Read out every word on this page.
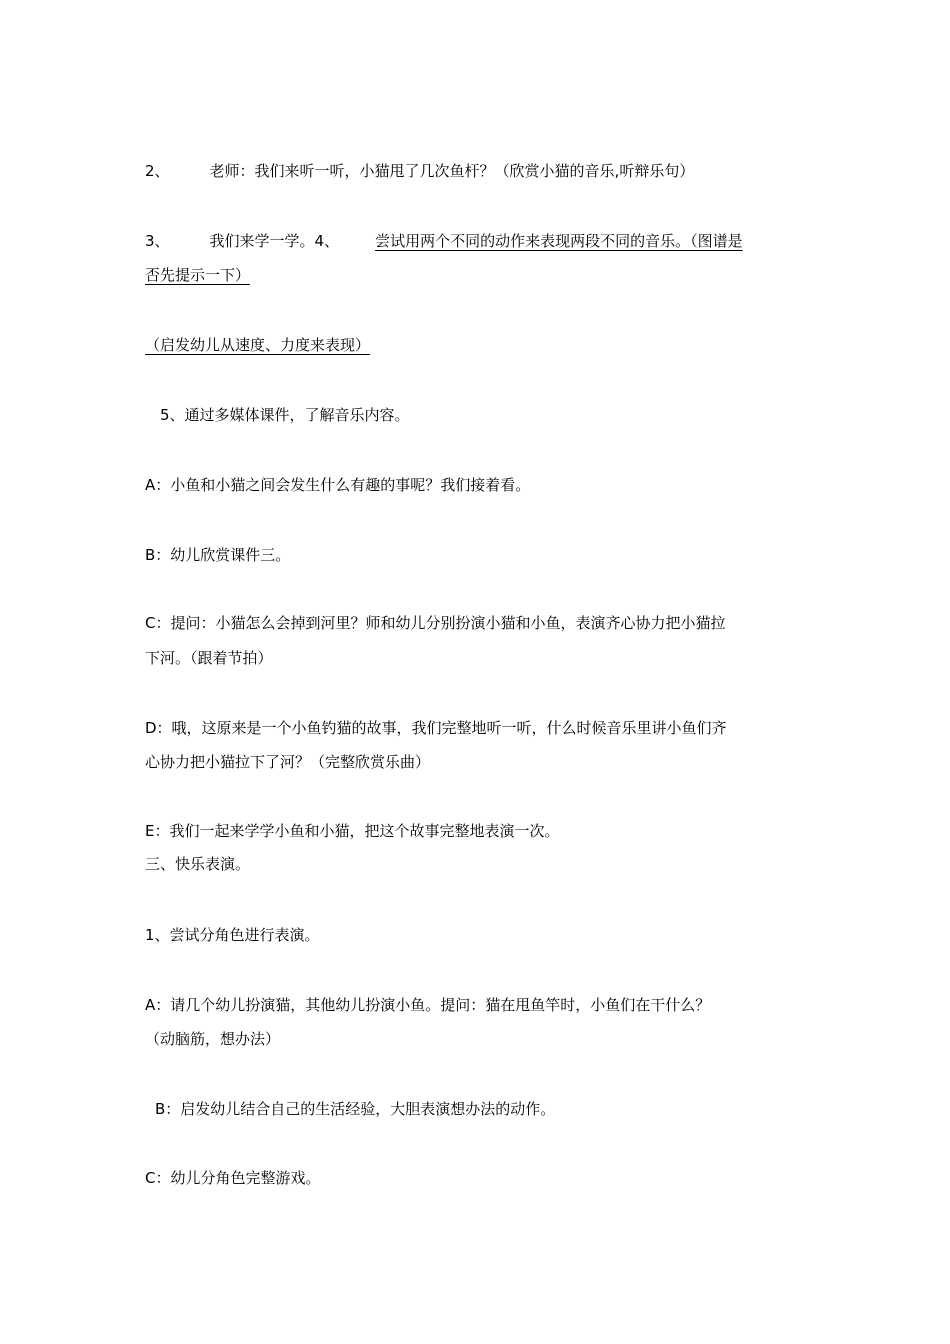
2、	老师：我们来听一听，小猫甩了几次鱼杆？（欣赏小猫的音乐,听辩乐句）
3、	我们来学一学。4、 尝试用两个不同的动作来表现两段不同的音乐。（图谱是
否先提示一下）
（启发幼儿从速度、力度来表现）
5、通过多媒体课件，了解音乐内容。
A：小鱼和小猫之间会发生什么有趣的事呢？我们接着看。
B：幼儿欣赏课件三。
C：提问：小猫怎么会掉到河里？师和幼儿分别扮演小猫和小鱼，表演齐心协力把小猫拉
下河。（跟着节拍）
D：哦，这原来是一个小鱼钓猫的故事，我们完整地听一听，什么时候音乐里讲小鱼们齐
心协力把小猫拉下了河？（完整欣赏乐曲）
E：我们一起来学学小鱼和小猫，把这个故事完整地表演一次。
三、快乐表演。
1、尝试分角色进行表演。
A：请几个幼儿扮演猫，其他幼儿扮演小鱼。提问：猫在甩鱼竿时，小鱼们在干什么？
（动脑筋，想办法）
B：启发幼儿结合自己的生活经验，大胆表演想办法的动作。
C：幼儿分角色完整游戏。
